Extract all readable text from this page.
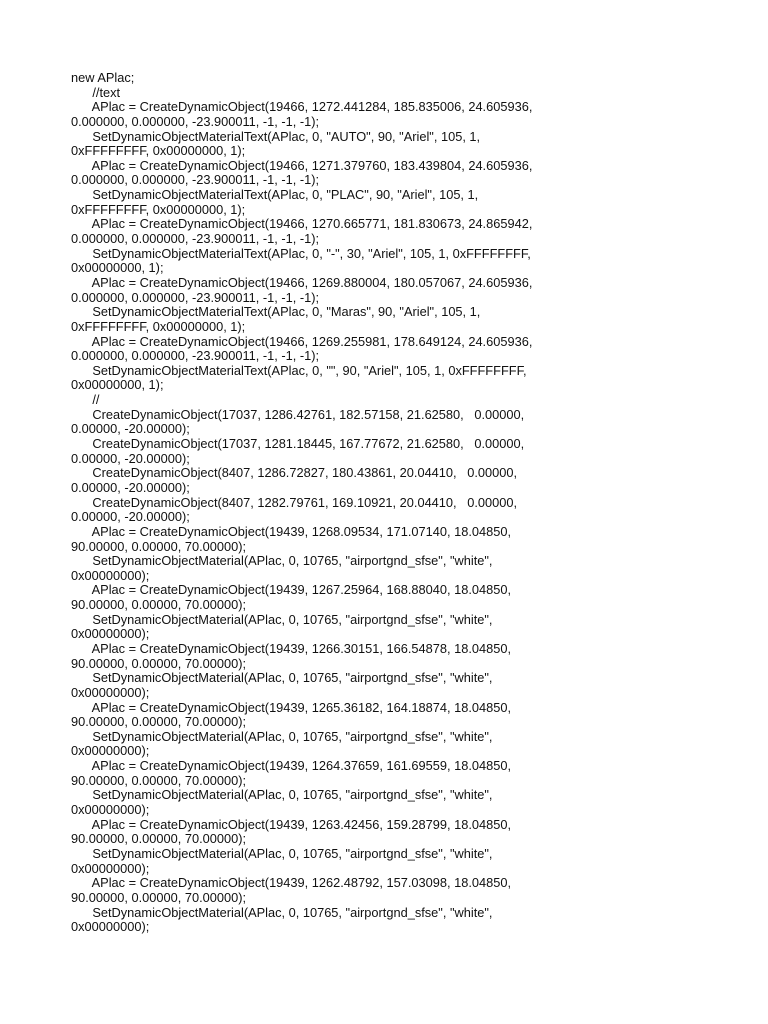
new APlac;
//text
APlac = CreateDynamicObject(19466, 1272.441284, 185.835006, 24.605936,
0.000000, 0.000000, -23.900011, -1, -1, -1);
SetDynamicObjectMaterialText(APlac, 0, "AUTO", 90, "Ariel", 105, 1,
0xFFFFFFFF, 0x00000000, 1);
APlac = CreateDynamicObject(19466, 1271.379760, 183.439804, 24.605936,
0.000000, 0.000000, -23.900011, -1, -1, -1);
SetDynamicObjectMaterialText(APlac, 0, "PLAC", 90, "Ariel", 105, 1,
0xFFFFFFFF, 0x00000000, 1);
APlac = CreateDynamicObject(19466, 1270.665771, 181.830673, 24.865942,
0.000000, 0.000000, -23.900011, -1, -1, -1);
SetDynamicObjectMaterialText(APlac, 0, "-", 30, "Ariel", 105, 1, 0xFFFFFFFF,
0x00000000, 1);
APlac = CreateDynamicObject(19466, 1269.880004, 180.057067, 24.605936,
0.000000, 0.000000, -23.900011, -1, -1, -1);
SetDynamicObjectMaterialText(APlac, 0, "Maras", 90, "Ariel", 105, 1,
0xFFFFFFFF, 0x00000000, 1);
APlac = CreateDynamicObject(19466, 1269.255981, 178.649124, 24.605936,
0.000000, 0.000000, -23.900011, -1, -1, -1);
SetDynamicObjectMaterialText(APlac, 0, "", 90, "Ariel", 105, 1, 0xFFFFFFFF,
0x00000000, 1);
//
CreateDynamicObject(17037, 1286.42761, 182.57158, 21.62580,   0.00000,
0.00000, -20.00000);
CreateDynamicObject(17037, 1281.18445, 167.77672, 21.62580,   0.00000,
0.00000, -20.00000);
CreateDynamicObject(8407, 1286.72827, 180.43861, 20.04410,   0.00000,
0.00000, -20.00000);
CreateDynamicObject(8407, 1282.79761, 169.10921, 20.04410,   0.00000,
0.00000, -20.00000);
APlac = CreateDynamicObject(19439, 1268.09534, 171.07140, 18.04850,
90.00000, 0.00000, 70.00000);
SetDynamicObjectMaterial(APlac, 0, 10765, "airportgnd_sfse", "white",
0x00000000);
APlac = CreateDynamicObject(19439, 1267.25964, 168.88040, 18.04850,
90.00000, 0.00000, 70.00000);
SetDynamicObjectMaterial(APlac, 0, 10765, "airportgnd_sfse", "white",
0x00000000);
APlac = CreateDynamicObject(19439, 1266.30151, 166.54878, 18.04850,
90.00000, 0.00000, 70.00000);
SetDynamicObjectMaterial(APlac, 0, 10765, "airportgnd_sfse", "white",
0x00000000);
APlac = CreateDynamicObject(19439, 1265.36182, 164.18874, 18.04850,
90.00000, 0.00000, 70.00000);
SetDynamicObjectMaterial(APlac, 0, 10765, "airportgnd_sfse", "white",
0x00000000);
APlac = CreateDynamicObject(19439, 1264.37659, 161.69559, 18.04850,
90.00000, 0.00000, 70.00000);
SetDynamicObjectMaterial(APlac, 0, 10765, "airportgnd_sfse", "white",
0x00000000);
APlac = CreateDynamicObject(19439, 1263.42456, 159.28799, 18.04850,
90.00000, 0.00000, 70.00000);
SetDynamicObjectMaterial(APlac, 0, 10765, "airportgnd_sfse", "white",
0x00000000);
APlac = CreateDynamicObject(19439, 1262.48792, 157.03098, 18.04850,
90.00000, 0.00000, 70.00000);
SetDynamicObjectMaterial(APlac, 0, 10765, "airportgnd_sfse", "white",
0x00000000);
